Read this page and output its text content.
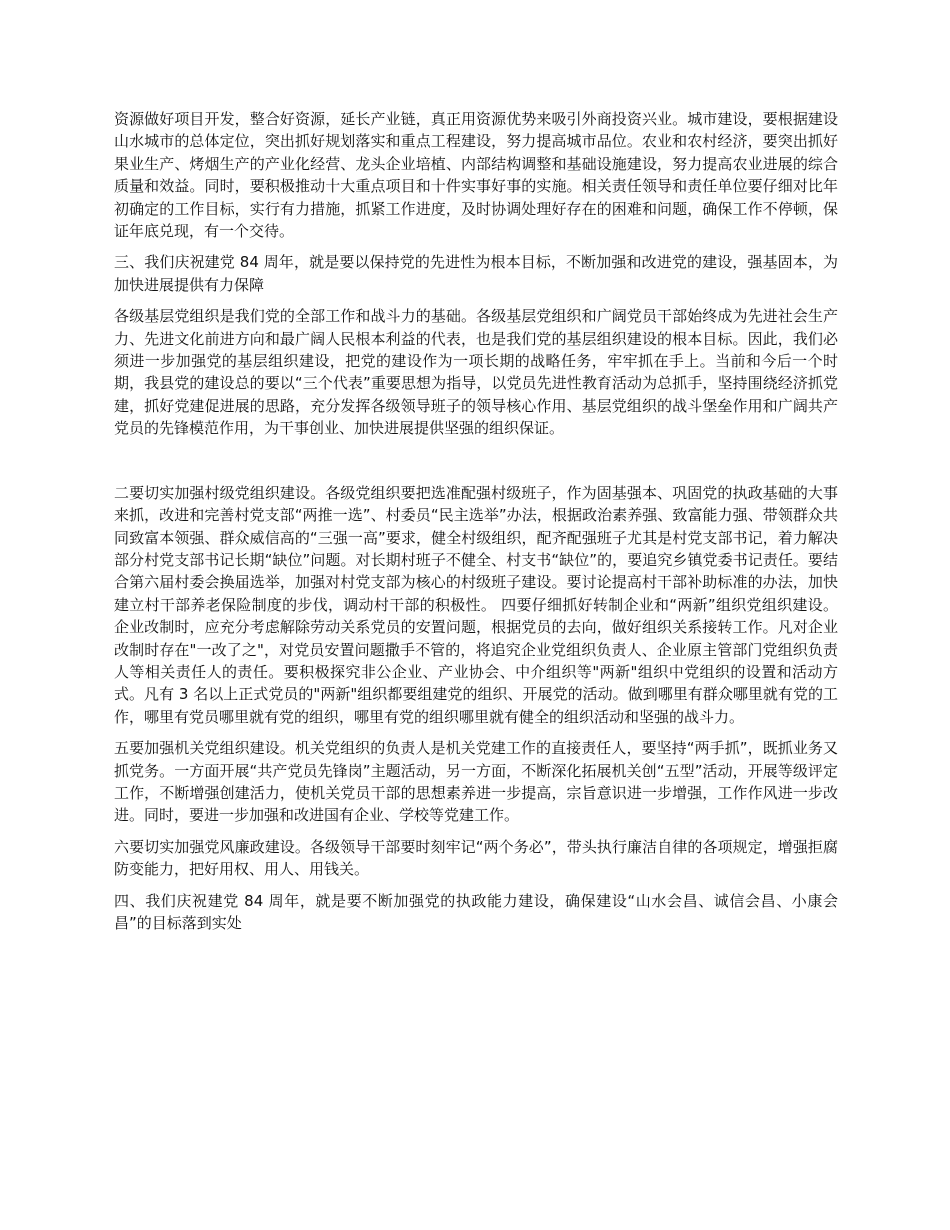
资源做好项目开发，整合好资源，延长产业链，真正用资源优势来吸引外商投资兴业。城市建设，要根据建设山水城市的总体定位，突出抓好规划落实和重点工程建设，努力提高城市品位。农业和农村经济，要突出抓好果业生产、烤烟生产的产业化经营、龙头企业培植、内部结构调整和基础设施建设，努力提高农业进展的综合质量和效益。同时，要积极推动十大重点项目和十件实事好事的实施。相关责任领导和责任单位要仔细对比年初确定的工作目标，实行有力措施，抓紧工作进度，及时协调处理好存在的困难和问题，确保工作不停顿，保证年底兑现，有一个交待。

三、我们庆祝建党 84 周年，就是要以保持党的先进性为根本目标，不断加强和改进党的建设，强基固本，为加快进展提供有力保障

各级基层党组织是我们党的全部工作和战斗力的基础。各级基层党组织和广阔党员干部始终成为先进社会生产力、先进文化前进方向和最广阔人民根本利益的代表，也是我们党的基层组织建设的根本目标。因此，我们必须进一步加强党的基层组织建设，把党的建设作为一项长期的战略任务，牢牢抓在手上。当前和今后一个时期，我县党的建设总的要以“三个代表”重要思想为指导，以党员先进性教育活动为总抓手，坚持围绕经济抓党建，抓好党建促进展的思路，充分发挥各级领导班子的领导核心作用、基层党组织的战斗堡垒作用和广阔共产党员的先锋模范作用，为干事创业、加快进展提供坚强的组织保证。

二要切实加强村级党组织建设。各级党组织要把选准配强村级班子，作为固基强本、巩固党的执政基础的大事来抓，改进和完善村党支部“两推一选”、村委员“民主选举”办法，根据政治素养强、致富能力强、带领群众共同致富本领强、群众威信高的“三强一高”要求，健全村级组织，配齐配强班子尤其是村党支部书记，着力解决部分村党支部书记长期“缺位”问题。对长期村班子不健全、村支书“缺位”的，要追究乡镇党委书记责任。要结合第六届村委会换届选举，加强对村党支部为核心的村级班子建设。要讨论提高村干部补助标准的办法，加快建立村干部养老保险制度的步伐，调动村干部的积极性。 四要仔细抓好转制企业和“两新”组织党组织建设。企业改制时，应充分考虑解除劳动关系党员的安置问题，根据党员的去向，做好组织关系接转工作。凡对企业改制时存在"一改了之"，对党员安置问题撒手不管的，将追究企业党组织负责人、企业原主管部门党组织负责人等相关责任人的责任。要积极探究非公企业、产业协会、中介组织等"两新"组织中党组织的设置和活动方式。凡有 3 名以上正式党员的"两新"组织都要组建党的组织、开展党的活动。做到哪里有群众哪里就有党的工作，哪里有党员哪里就有党的组织，哪里有党的组织哪里就有健全的组织活动和坚强的战斗力。

五要加强机关党组织建设。机关党组织的负责人是机关党建工作的直接责任人，要坚持“两手抓”，既抓业务又抓党务。一方面开展“共产党员先锋岗”主题活动，另一方面，不断深化拓展机关创“五型”活动，开展等级评定工作，不断增强创建活力，使机关党员干部的思想素养进一步提高，宗旨意识进一步增强，工作作风进一步改进。同时，要进一步加强和改进国有企业、学校等党建工作。

六要切实加强党风廉政建设。各级领导干部要时刻牢记“两个务必”，带头执行廉洁自律的各项规定，增强拒腐防变能力，把好用权、用人、用钱关。

四、我们庆祝建党 84 周年，就是要不断加强党的执政能力建设，确保建设“山水会昌、诚信会昌、小康会昌”的目标落到实处
